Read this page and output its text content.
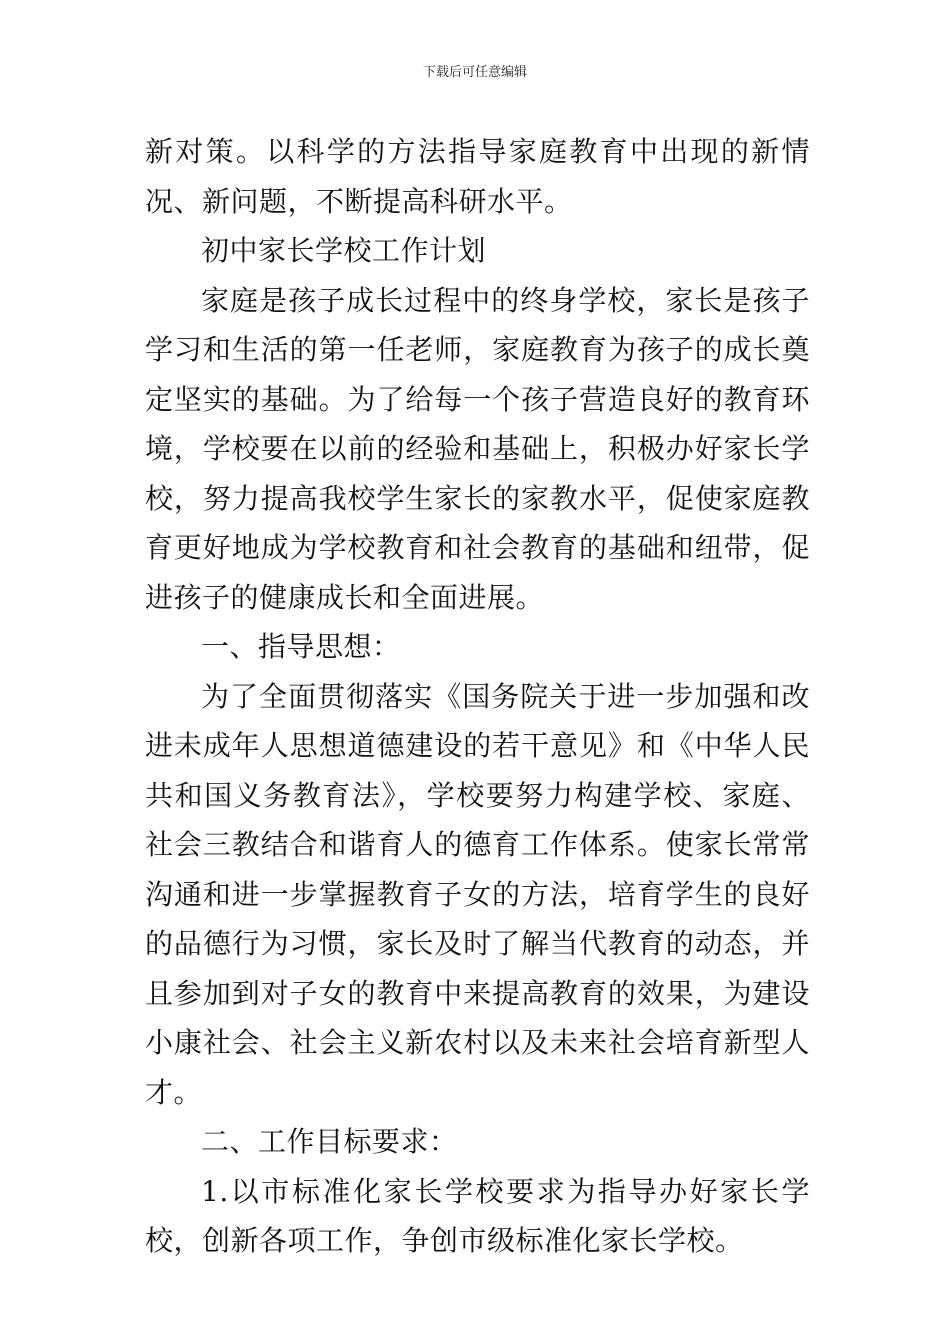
下载后可任意编辑

新对策。以科学的方法指导家庭教育中出现的新情况、新问题，不断提高科研水平。

初中家长学校工作计划

家庭是孩子成长过程中的终身学校，家长是孩子学习和生活的第一任老师，家庭教育为孩子的成长奠定坚实的基础。为了给每一个孩子营造良好的教育环境，学校要在以前的经验和基础上，积极办好家长学校，努力提高我校学生家长的家教水平，促使家庭教育更好地成为学校教育和社会教育的基础和纽带，促进孩子的健康成长和全面进展。

一、指导思想：

为了全面贯彻落实《国务院关于进一步加强和改进未成年人思想道德建设的若干意见》和《中华人民共和国义务教育法》，学校要努力构建学校、家庭、社会三教结合和谐育人的德育工作体系。使家长常常沟通和进一步掌握教育子女的方法，培育学生的良好的品德行为习惯，家长及时了解当代教育的动态，并且参加到对子女的教育中来提高教育的效果，为建设小康社会、社会主义新农村以及未来社会培育新型人才。

二、工作目标要求：

1.以市标准化家长学校要求为指导办好家长学校，创新各项工作，争创市级标准化家长学校。
